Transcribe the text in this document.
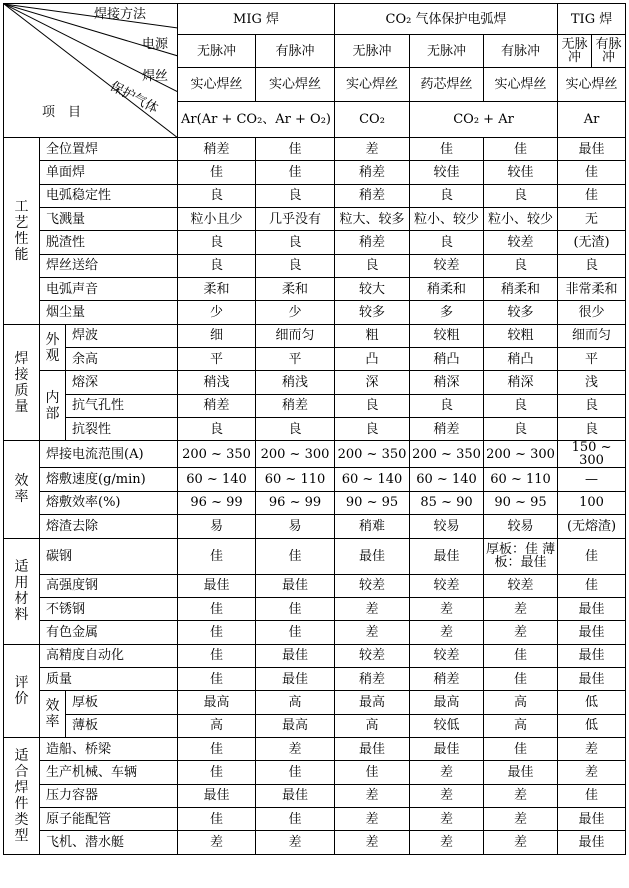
焊接方法
电源
焊丝
保护气体
项　目			MIG 焊		CO₂ 气体保护电弧焊			TIG 焊	
			无脉冲	有脉冲	无脉冲	无脉冲	有脉冲	无脉冲	有脉冲
			实心焊丝	实心焊丝	实心焊丝	药芯焊丝	实心焊丝	实心焊丝	
			Ar(Ar + CO₂、Ar + O₂)		CO₂	CO₂ + Ar		Ar	

工艺性能	全位置焊		稍差	佳	差	佳	佳	最佳	
	单面焊		佳	佳	稍差	较佳	较佳	佳	
	电弧稳定性		良	良	稍差	良	良	佳	
	飞溅量		粒小且少	几乎没有	粒大、较多	粒小、较少	粒小、较少	无	
	脱渣性		良	良	稍差	良	较差	(无渣)	
	焊丝送给		良	良	良	较差	良	良	
	电弧声音		柔和	柔和	较大	稍柔和	稍柔和	非常柔和	
	烟尘量		少	少	较多	多	较多	很少	

焊接质量	外观	焊波	细	细而匀	粗	较粗	较粗	细而匀	
		余高	平	平	凸	稍凸	稍凸	平	

	内部	熔深	稍浅	稍浅	深	稍深	稍深	浅	
		抗气孔性	稍差	稍差	良	良	良	良	
		抗裂性	良	良	良	稍差	良	良	

效率	焊接电流范围(A)		200 ~ 350	200 ~ 300	200 ~ 350	200 ~ 350	200 ~ 300	150 ~ 300	
	熔敷速度(g/min)		60 ~ 140	60 ~ 110	60 ~ 140	60 ~ 140	60 ~ 110	—	
	熔敷效率(%)		96 ~ 99	96 ~ 99	90 ~ 95	85 ~ 90	90 ~ 95	100	
	熔渣去除		易	易	稍难	较易	较易	(无熔渣)	

适用材料	碳钢		佳	佳	最佳	最佳	厚板：佳 薄板：最佳	佳	
	高强度钢		最佳	最佳	较差	较差	较差	佳	
	不锈钢		佳	佳	差	差	差	最佳	
	有色金属		佳	佳	差	差	差	最佳	

评价	高精度自动化		佳	最佳	较差	较差	佳	最佳	
	质量		佳	最佳	稍差	稍差	佳	最佳	

	效率	厚板	最高	高	最高	最高	高	低	
		薄板	高	最高	高	较低	高	低	

适合焊件类型	造船、桥梁		佳	差	最佳	最佳	佳	差	
	生产机械、车辆		佳	佳	佳	差	最佳	差	
	压力容器		最佳	最佳	差	差	差	佳	
	原子能配管		佳	佳	差	差	差	最佳	
	飞机、潜水艇		差	差	差	差	差	最佳	
